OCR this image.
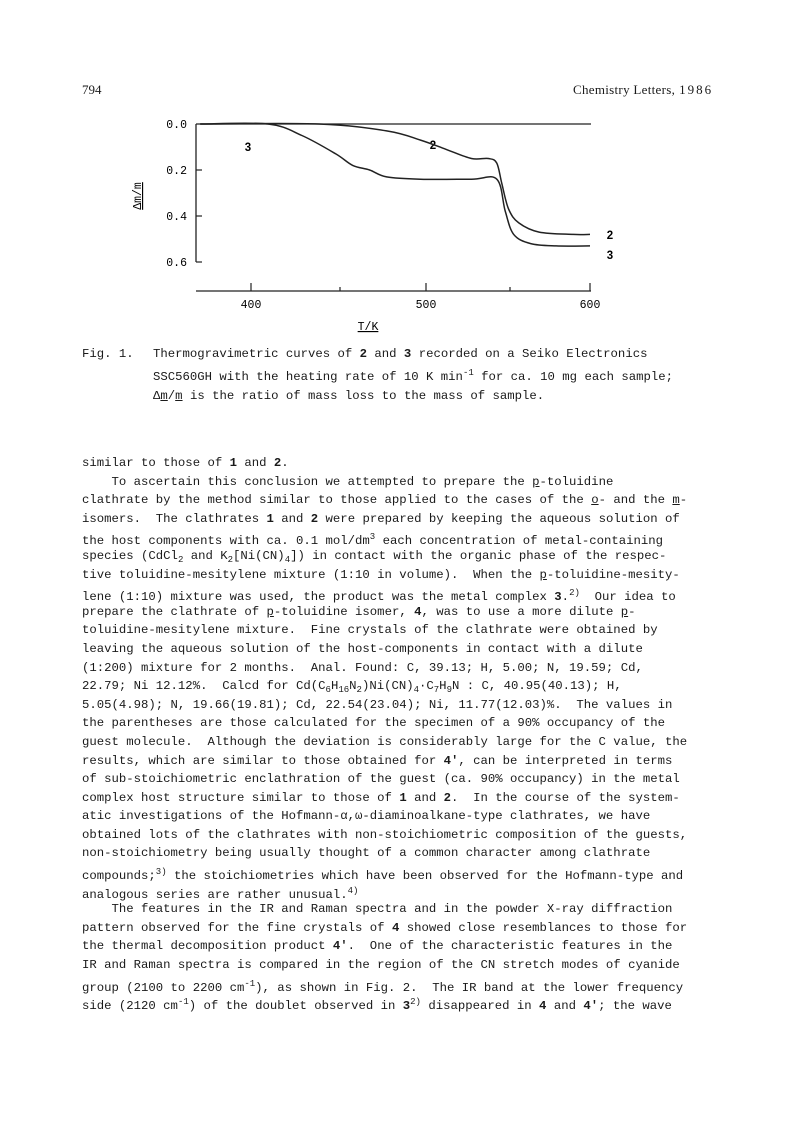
794	Chemistry Letters, 1986
0.0
0.2
0.4
0.6
Δm/m
400	500	600
T/K
3	2
2
3
Fig. 1.	Thermogravimetric curves of 2 and 3 recorded on a Seiko Electronics
SSC560GH with the heating rate of 10 K $\min^{-1}$ for ca. 10 mg each sample;
Δm/m is the ratio of mass loss to the mass of sample.
similar to those of 1 and 2.
To ascertain this conclusion we attempted to prepare the p-toluidine
clathrate by the method similar to those applied to the cases of the o- and the m-
isomers.  The clathrates 1 and 2 were prepared by keeping the aqueous solution of
the host components with ca. 0.1 mol/$dm^3$ each concentration of metal-containing
species (CdCl$_2$ and $K_2[Ni(CN)_4]$) in contact with the organic phase of the respec-
tive toluidine-mesitylene mixture (1:10 in volume).  When the p-toluidine-mesity-
lene (1:10) mixture was used, the product was the metal complex 3.$^{2)}$  Our idea to
prepare the clathrate of p-toluidine isomer, 4, was to use a more dilute p-
toluidine-mesitylene mixture.  Fine crystals of the clathrate were obtained by
leaving the aqueous solution of the host-components in contact with a dilute
(1:200) mixture for 2 months.  Anal. Found: C, 39.13; H, 5.00; N, 19.59; Cd,
22.79; Ni 12.12%.  Calcd for $Cd(C_6H_{16}N_2)Ni(CN)_4\cdot C_7H_9N$ : C, 40.95(40.13); H,
5.05(4.98); N, 19.66(19.81); Cd, 22.54(23.04); Ni, 11.77(12.03)%.  The values in
the parentheses are those calculated for the specimen of a 90% occupancy of the
guest molecule.  Although the deviation is considerably large for the C value, the
results, which are similar to those obtained for 4', can be interpreted in terms
of sub-stoichiometric enclathration of the guest (ca. 90% occupancy) in the metal
complex host structure similar to those of 1 and 2.  In the course of the system-
atic investigations of the Hofmann-α,ω-diaminoalkane-type clathrates, we have
obtained lots of the clathrates with non-stoichiometric composition of the guests,
non-stoichiometry being usually thought of a common character among clathrate
compounds;$^{3)}$ the stoichiometries which have been observed for the Hofmann-type and
analogous series are rather unusual.$^{4)}$
The features in the IR and Raman spectra and in the powder X-ray diffraction
pattern observed for the fine crystals of 4 showed close resemblances to those for
the thermal decomposition product 4'.  One of the characteristic features in the
IR and Raman spectra is compared in the region of the CN stretch modes of cyanide
group (2100 to 2200 $cm^{-1}$), as shown in Fig. 2.  The IR band at the lower frequency
side (2120 $cm^{-1}$) of the doublet observed in 3$^{2)}$ disappeared in 4 and 4'; the wave
